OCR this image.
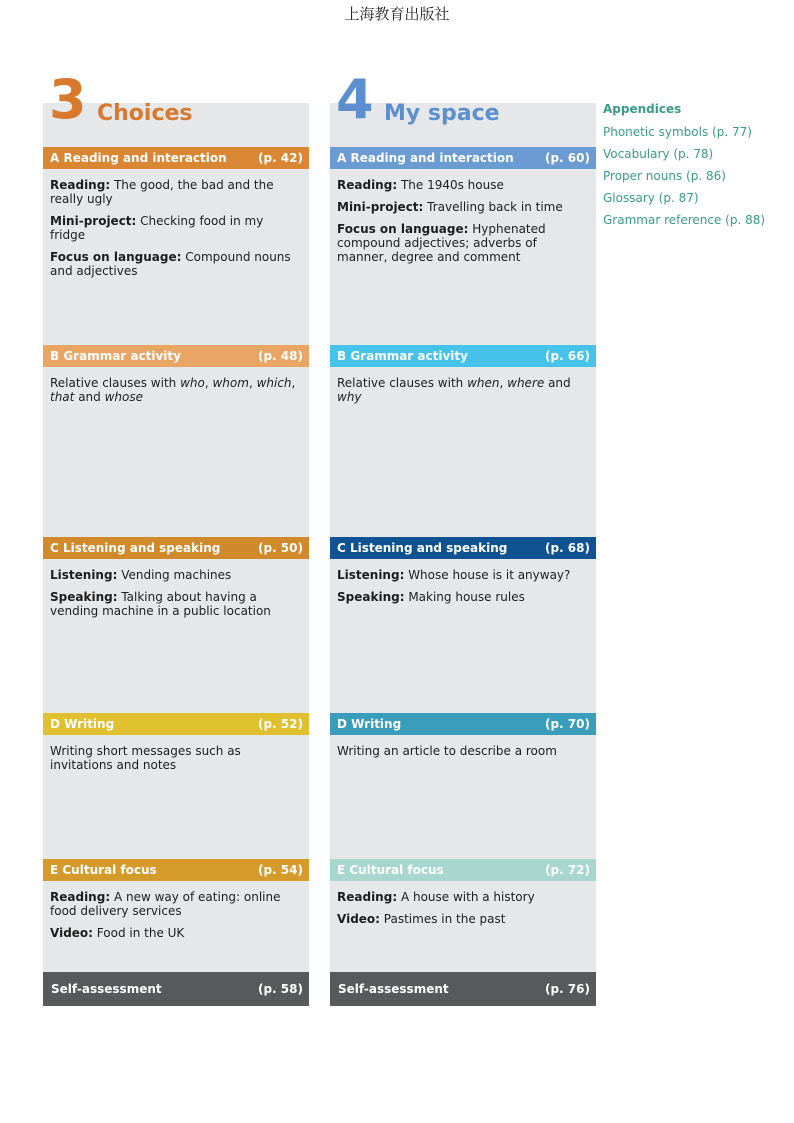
上海教育出版社
3 Choices
Self-assessment	(p. 58)
A Reading and interaction	(p. 42)

Reading: The good, the bad and the really ugly

Mini-project: Checking food in my fridge

Focus on language: Compound nouns and adjectives

B Grammar activity	(p. 48)

Relative clauses with who, whom, which, that and whose

C Listening and speaking	(p. 50)

Listening: Vending machines

Speaking: Talking about having a vending machine in a public location

D Writing	(p. 52)

Writing short messages such as invitations and notes

E Cultural focus	(p. 54)

Reading: A new way of eating: online food delivery services

Video: Food in the UK

4 My space
Self-assessment	(p. 76)
A Reading and interaction	(p. 60)

Reading: The 1940s house

Mini-project: Travelling back in time

Focus on language: Hyphenated compound adjectives; adverbs of manner, degree and comment

B Grammar activity	(p. 66)

Relative clauses with when, where and why

C Listening and speaking	(p. 68)

Listening: Whose house is it anyway?

Speaking: Making house rules

D Writing	(p. 70)

Writing an article to describe a room

E Cultural focus	(p. 72)

Reading: A house with a history

Video: Pastimes in the past

Appendices
Phonetic symbols (p. 77)
Vocabulary (p. 78)
Proper nouns (p. 86)
Glossary (p. 87)
Grammar reference (p. 88)
